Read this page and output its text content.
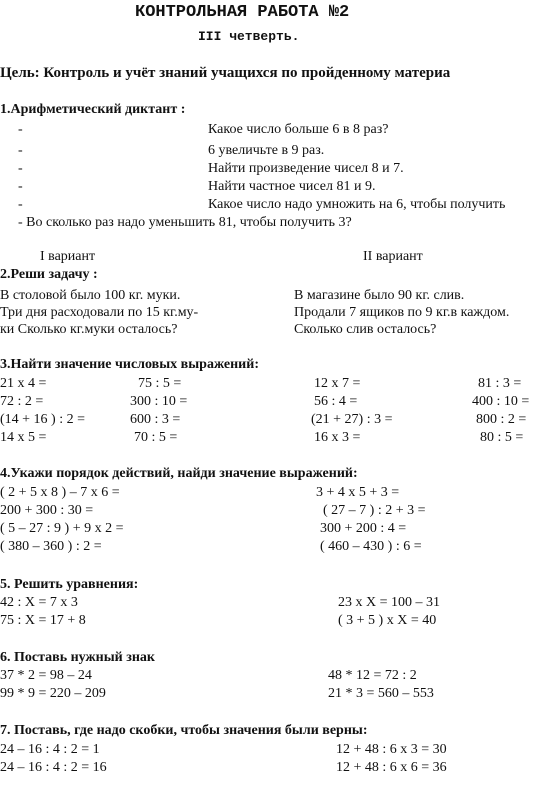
КОНТРОЛЬНАЯ РАБОТА №2
III четверть.
Цель: Контроль и учёт знаний учащихся по пройденному материа
1.Арифметический диктант :
-
-
-
-
-
Какое число больше 6 в 8 раз?
6 увеличьте в 9 раз.
Найти произведение чисел 8 и 7.
Найти частное чисел 81 и 9.
Какое число надо умножить на 6, чтобы получить
- Во сколько раз надо уменьшить 81, чтобы получить 3?
I вариант	II вариант
2.Реши задачу :
В столовой было 100 кг. муки.
Три дня расходовали по 15 кг.му-
ки Сколько кг.муки осталось?
В магазине было 90 кг. слив.
Продали 7 ящиков по 9 кг.в каждом.
Сколько слив осталось?
3.Найти значение числовых выражений:
21 x 4 =
72 : 2 =
(14 + 16 ) : 2 =
14 x 5 =
75 : 5 =
300 : 10 =
600 : 3 =
70 : 5 =
12 x 7 =
56 : 4 =
(21 + 27) : 3 =
16 x 3 =
81 : 3 =
400 : 10 =
800 : 2 =
80 : 5 =
4.Укажи порядок действий, найди значение выражений:
( 2 + 5 x 8 ) – 7 x 6 =
200 + 300 : 30 =
( 5 – 27 : 9 ) + 9 x 2 =
( 380 – 360 ) : 2 =
3 + 4 x 5 + 3 =
( 27 – 7 ) : 2 + 3 =
300 + 200 : 4 =
( 460 – 430 ) : 6 =
5. Решить уравнения:
42 : X = 7 x 3
75 : X = 17 + 8
23 x X = 100 – 31
( 3 + 5 ) x X = 40
6. Поставь нужный знак
37 * 2 = 98 – 24
99 * 9 = 220 – 209
48 * 12 = 72 : 2
21 * 3 = 560 – 553
7. Поставь, где надо скобки, чтобы значения были верны:
24 – 16 : 4 : 2 = 1
24 – 16 : 4 : 2 = 16
12 + 48 : 6 x 3 = 30
12 + 48 : 6 x 6 = 36
